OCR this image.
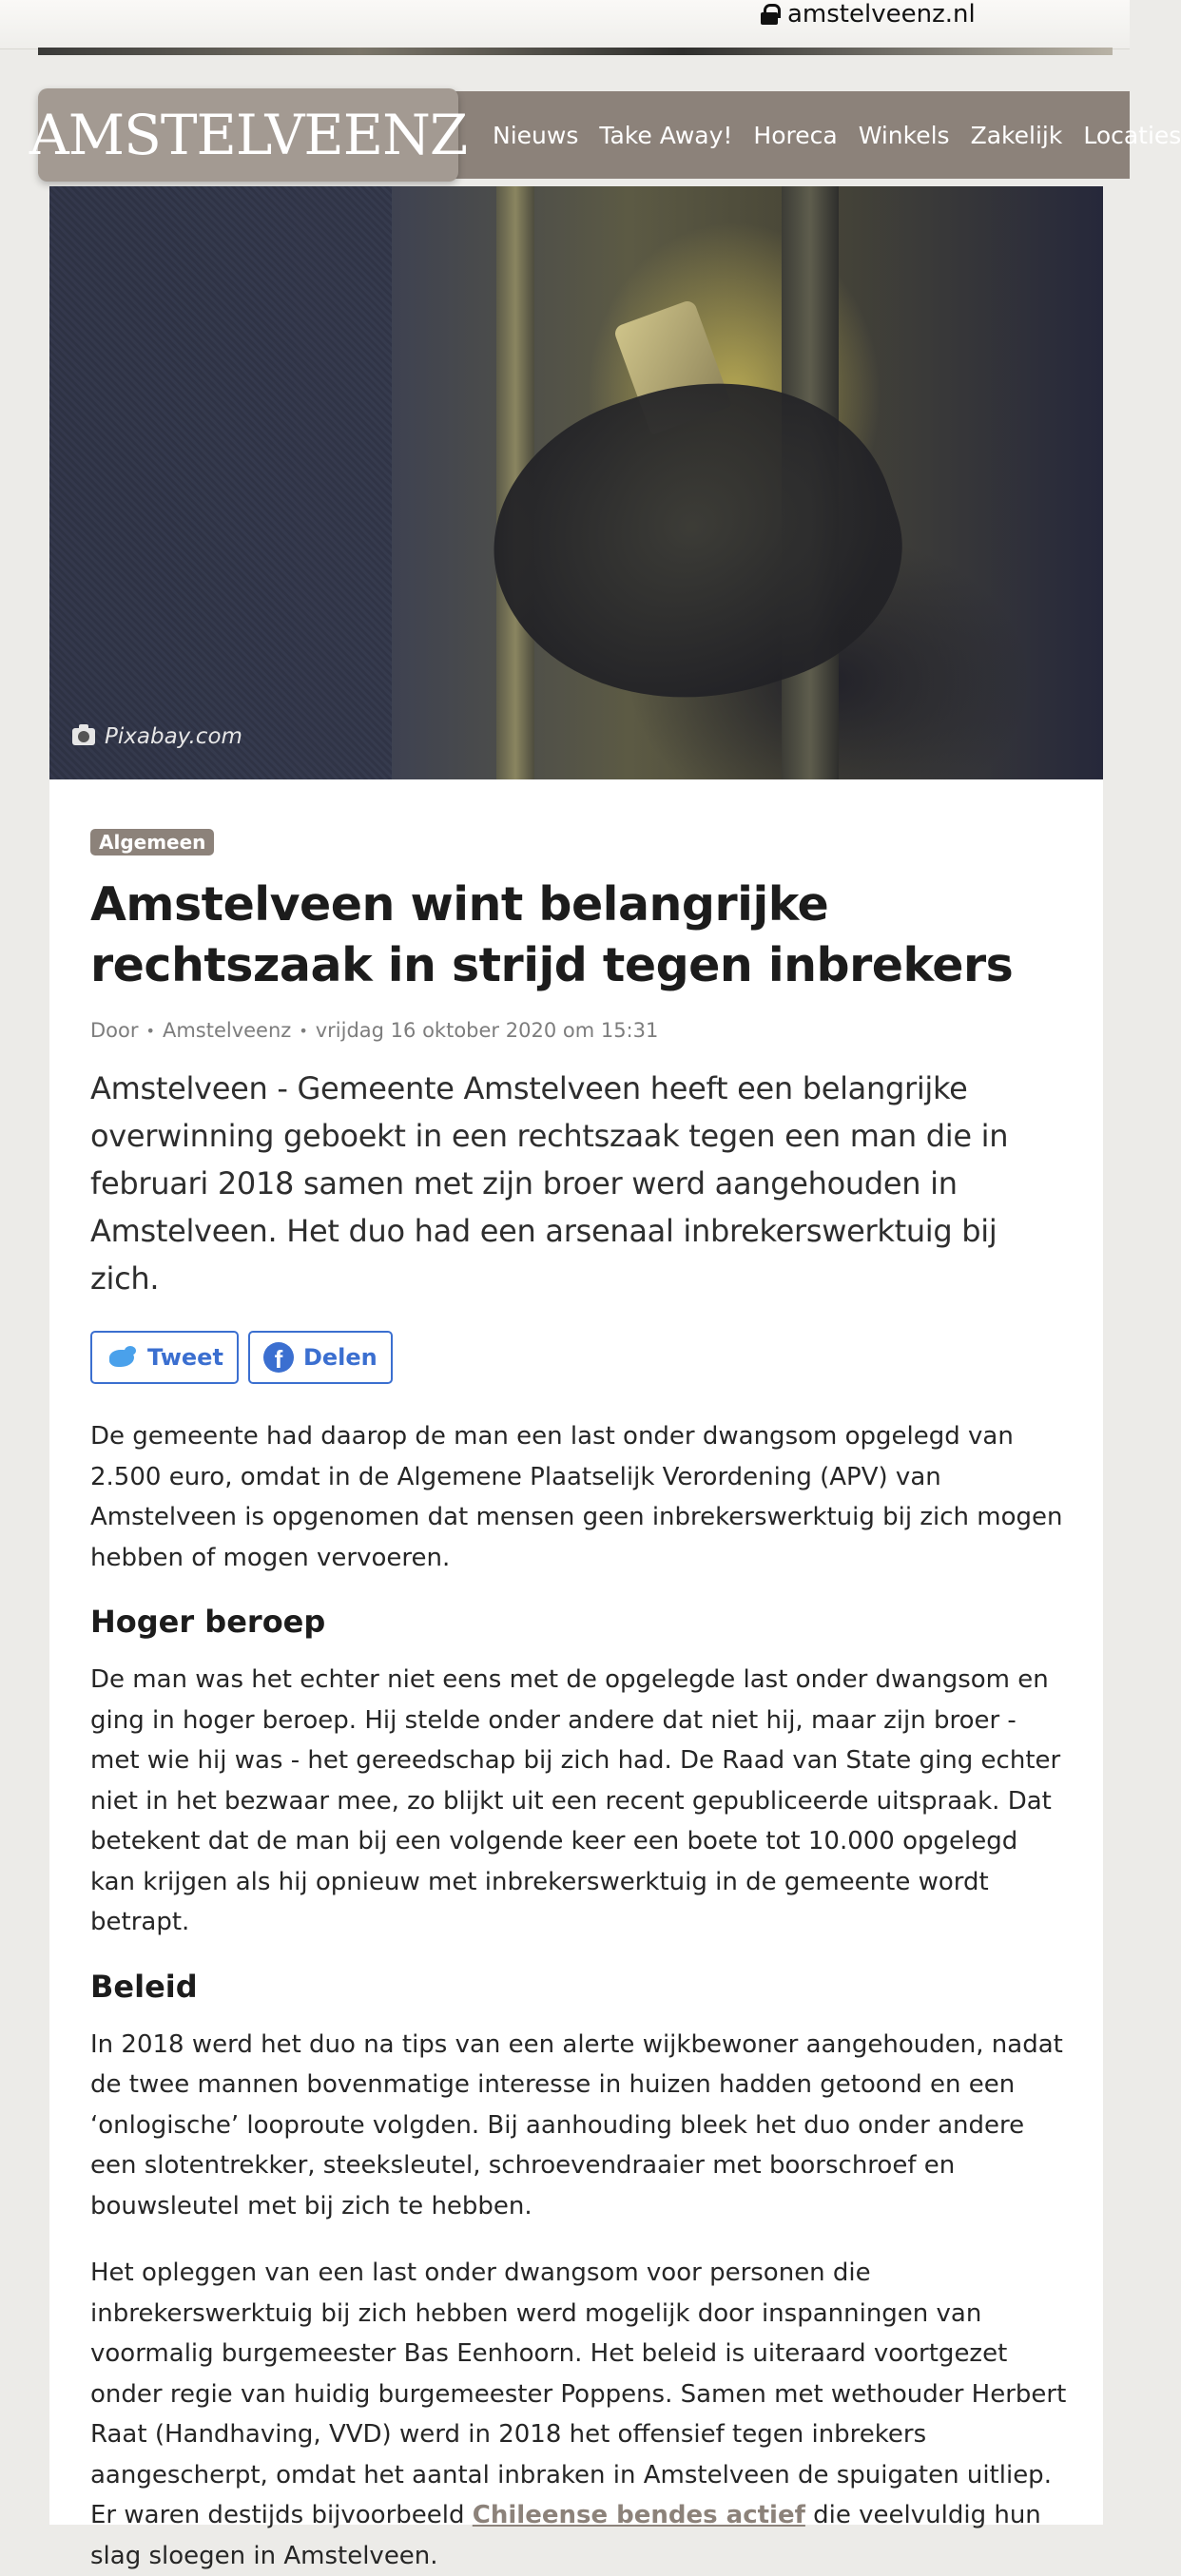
amstelveenz.nl
AMSTELVEENZ Nieuws Take Away! Horeca Winkels Zakelijk Locaties
Pixabay.com
Algemeen
Amstelveen wint belangrijke rechtszaak in strijd tegen inbrekers
Door • Amstelveenz • vrijdag 16 oktober 2020 om 15:31

Amstelveen - Gemeente Amstelveen heeft een belangrijke overwinning geboekt in een rechtszaak tegen een man die in februari 2018 samen met zijn broer werd aangehouden in Amstelveen. Het duo had een arsenaal inbrekerswerktuig bij zich.

Tweet	f Delen

De gemeente had daarop de man een last onder dwangsom opgelegd van 2.500 euro, omdat in de Algemene Plaatselijk Verordening (APV) van Amstelveen is opgenomen dat mensen geen inbrekerswerktuig bij zich mogen hebben of mogen vervoeren.

Hoger beroep

De man was het echter niet eens met de opgelegde last onder dwangsom en ging in hoger beroep. Hij stelde onder andere dat niet hij, maar zijn broer - met wie hij was - het gereedschap bij zich had. De Raad van State ging echter niet in het bezwaar mee, zo blijkt uit een recent gepubliceerde uitspraak. Dat betekent dat de man bij een volgende keer een boete tot 10.000 opgelegd kan krijgen als hij opnieuw met inbrekerswerktuig in de gemeente wordt betrapt.

Beleid

In 2018 werd het duo na tips van een alerte wijkbewoner aangehouden, nadat de twee mannen bovenmatige interesse in huizen hadden getoond en een ‘onlogische’ looproute volgden. Bij aanhouding bleek het duo onder andere een slotentrekker, steeksleutel, schroevendraaier met boorschroef en bouwsleutel met bij zich te hebben.

Het opleggen van een last onder dwangsom voor personen die inbrekerswerktuig bij zich hebben werd mogelijk door inspanningen van voormalig burgemeester Bas Eenhoorn. Het beleid is uiteraard voortgezet onder regie van huidig burgemeester Poppens. Samen met wethouder Herbert Raat (Handhaving, VVD) werd in 2018 het offensief tegen inbrekers aangescherpt, omdat het aantal inbraken in Amstelveen de spuigaten uitliep. Er waren destijds bijvoorbeeld Chileense bendes actief die veelvuldig hun slag sloegen in Amstelveen.
